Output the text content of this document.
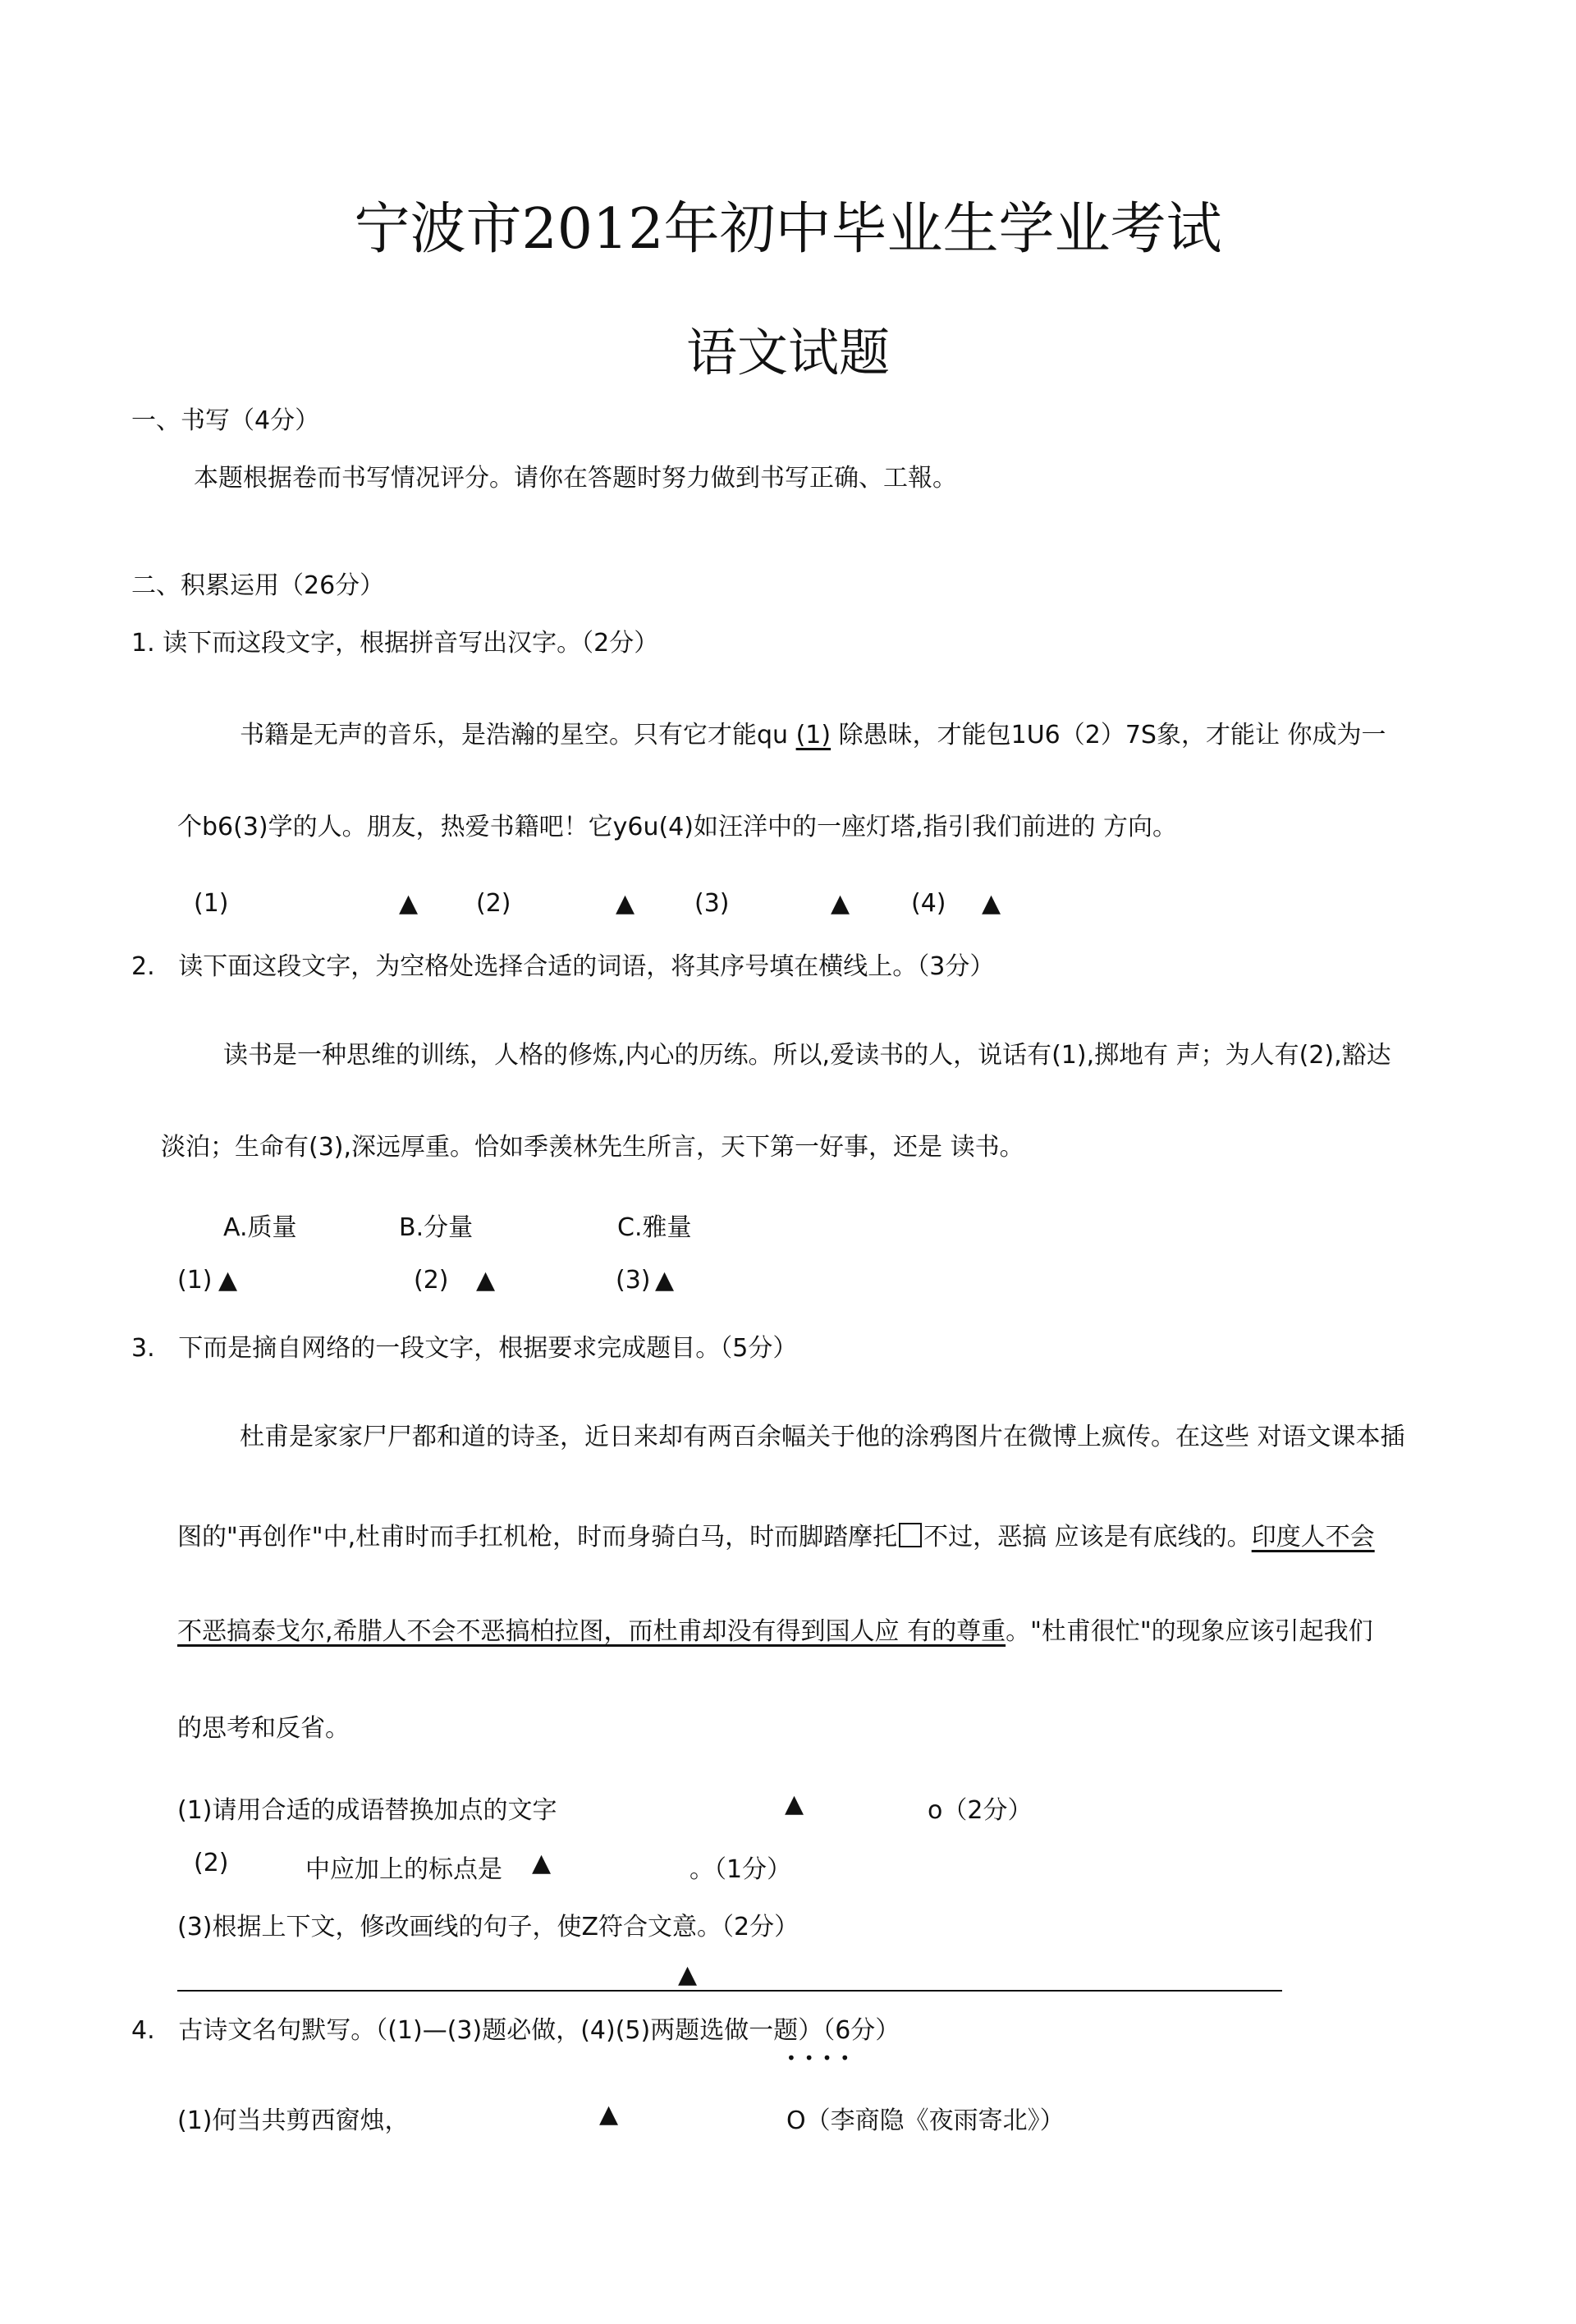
宁波市2012年初中毕业生学业考试
语文试题
一、书写（4分）
本题根据卷而书写情况评分。请你在答题时努力做到书写正确、工報。
二、积累运用（26分）
1. 读下而这段文字，根据拼音写出汉字。（2分）
书籍是无声的音乐，是浩瀚的星空。只有它才能qu (1) 除愚昧，才能包1U6（2）7S象，才能让 你成为一
个b6(3)学的人。朋友，热爱书籍吧！它y6u(4)如汪洋中的一座灯塔,指引我们前进的 方向。
(1)	▲ (2)	▲ (3)	▲ (4) ▲
2.   读下面这段文字，为空格处选择合适的词语，将其序号填在横线上。（3分）
读书是一种思维的训练，人格的修炼,内心的历练。所以,爱读书的人，说话有(1),掷地有 声；为人有(2),豁达
淡泊；生命有(3),深远厚重。恰如季羡林先生所言，天下第一好事，还是 读书。
A.质量	B.分量	C.雅量
(1) ▲	(2) ▲	(3) ▲
3.   下而是摘自网络的一段文字，根据要求完成题目。（5分）
杜甫是家家尸尸都和道的诗圣，近日来却有两百余幅关于他的涂鸦图片在微博上疯传。在这些 对语文课本插
图的"再创作"中,杜甫时而手扛机枪，时而身骑白马，时而脚踏摩托 不过，恶搞 应该是有底线的。印度人不会
不恶搞泰戈尔,希腊人不会不恶搞柏拉图，而杜甫却没有得到国人应 有的尊重。"杜甫很忙"的现象应该引起我们
的思考和反省。
(1)请用合适的成语替换加点的文字	▲	o（2分）
(2)	中应加上的标点是 ▲	。（1分）
(3)根据上下文，修改画线的句子，使Z符合文意。（2分）
▲
4.   古诗文名句默写。（(1)—(3)题必做，(4)(5)两题选做一题）（6分）
••••
(1)何当共剪西窗烛，	▲	O（李商隐《夜雨寄北》）
